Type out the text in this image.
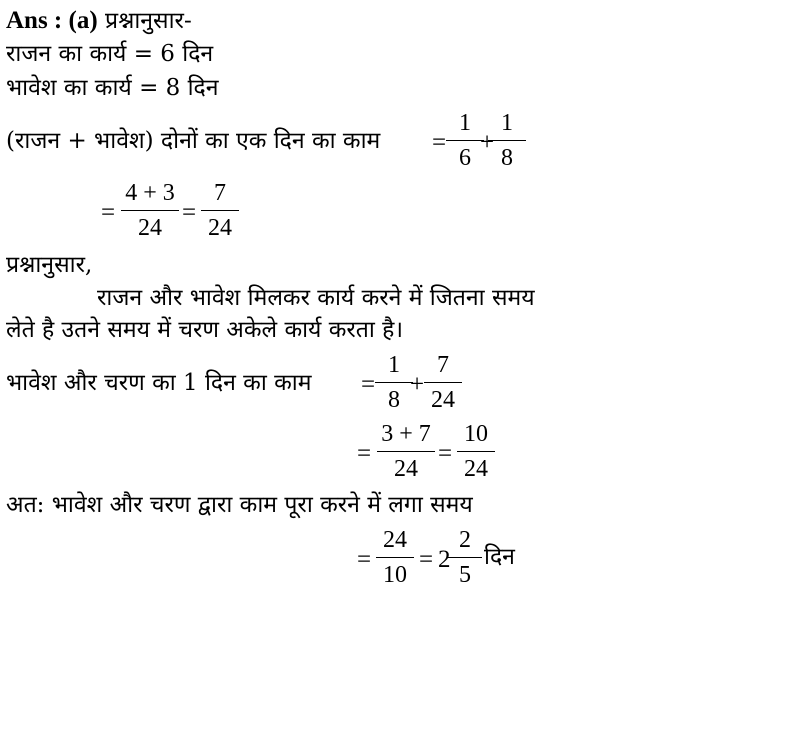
Ans : (a) प्रश्नानुसार-
राजन का कार्य = 6 दिन
भावेश का कार्य = 8 दिन
(राजन + भावेश) दोनों का एक दिन का काम =
1
6
+
1
8
=
4 + 3
24
=
7
24
प्रश्नानुसार,
राजन और भावेश मिलकर कार्य करने में जितना समय
लेते है उतने समय में चरण अकेले कार्य करता है।
भावेश और चरण का 1 दिन का काम =
1
8
+
7
24
=
3 + 7
24
=
10
24
अत: भावेश और चरण द्वारा काम पूरा करने में लगा समय
=
24
10
= 2
2
5
दिन
